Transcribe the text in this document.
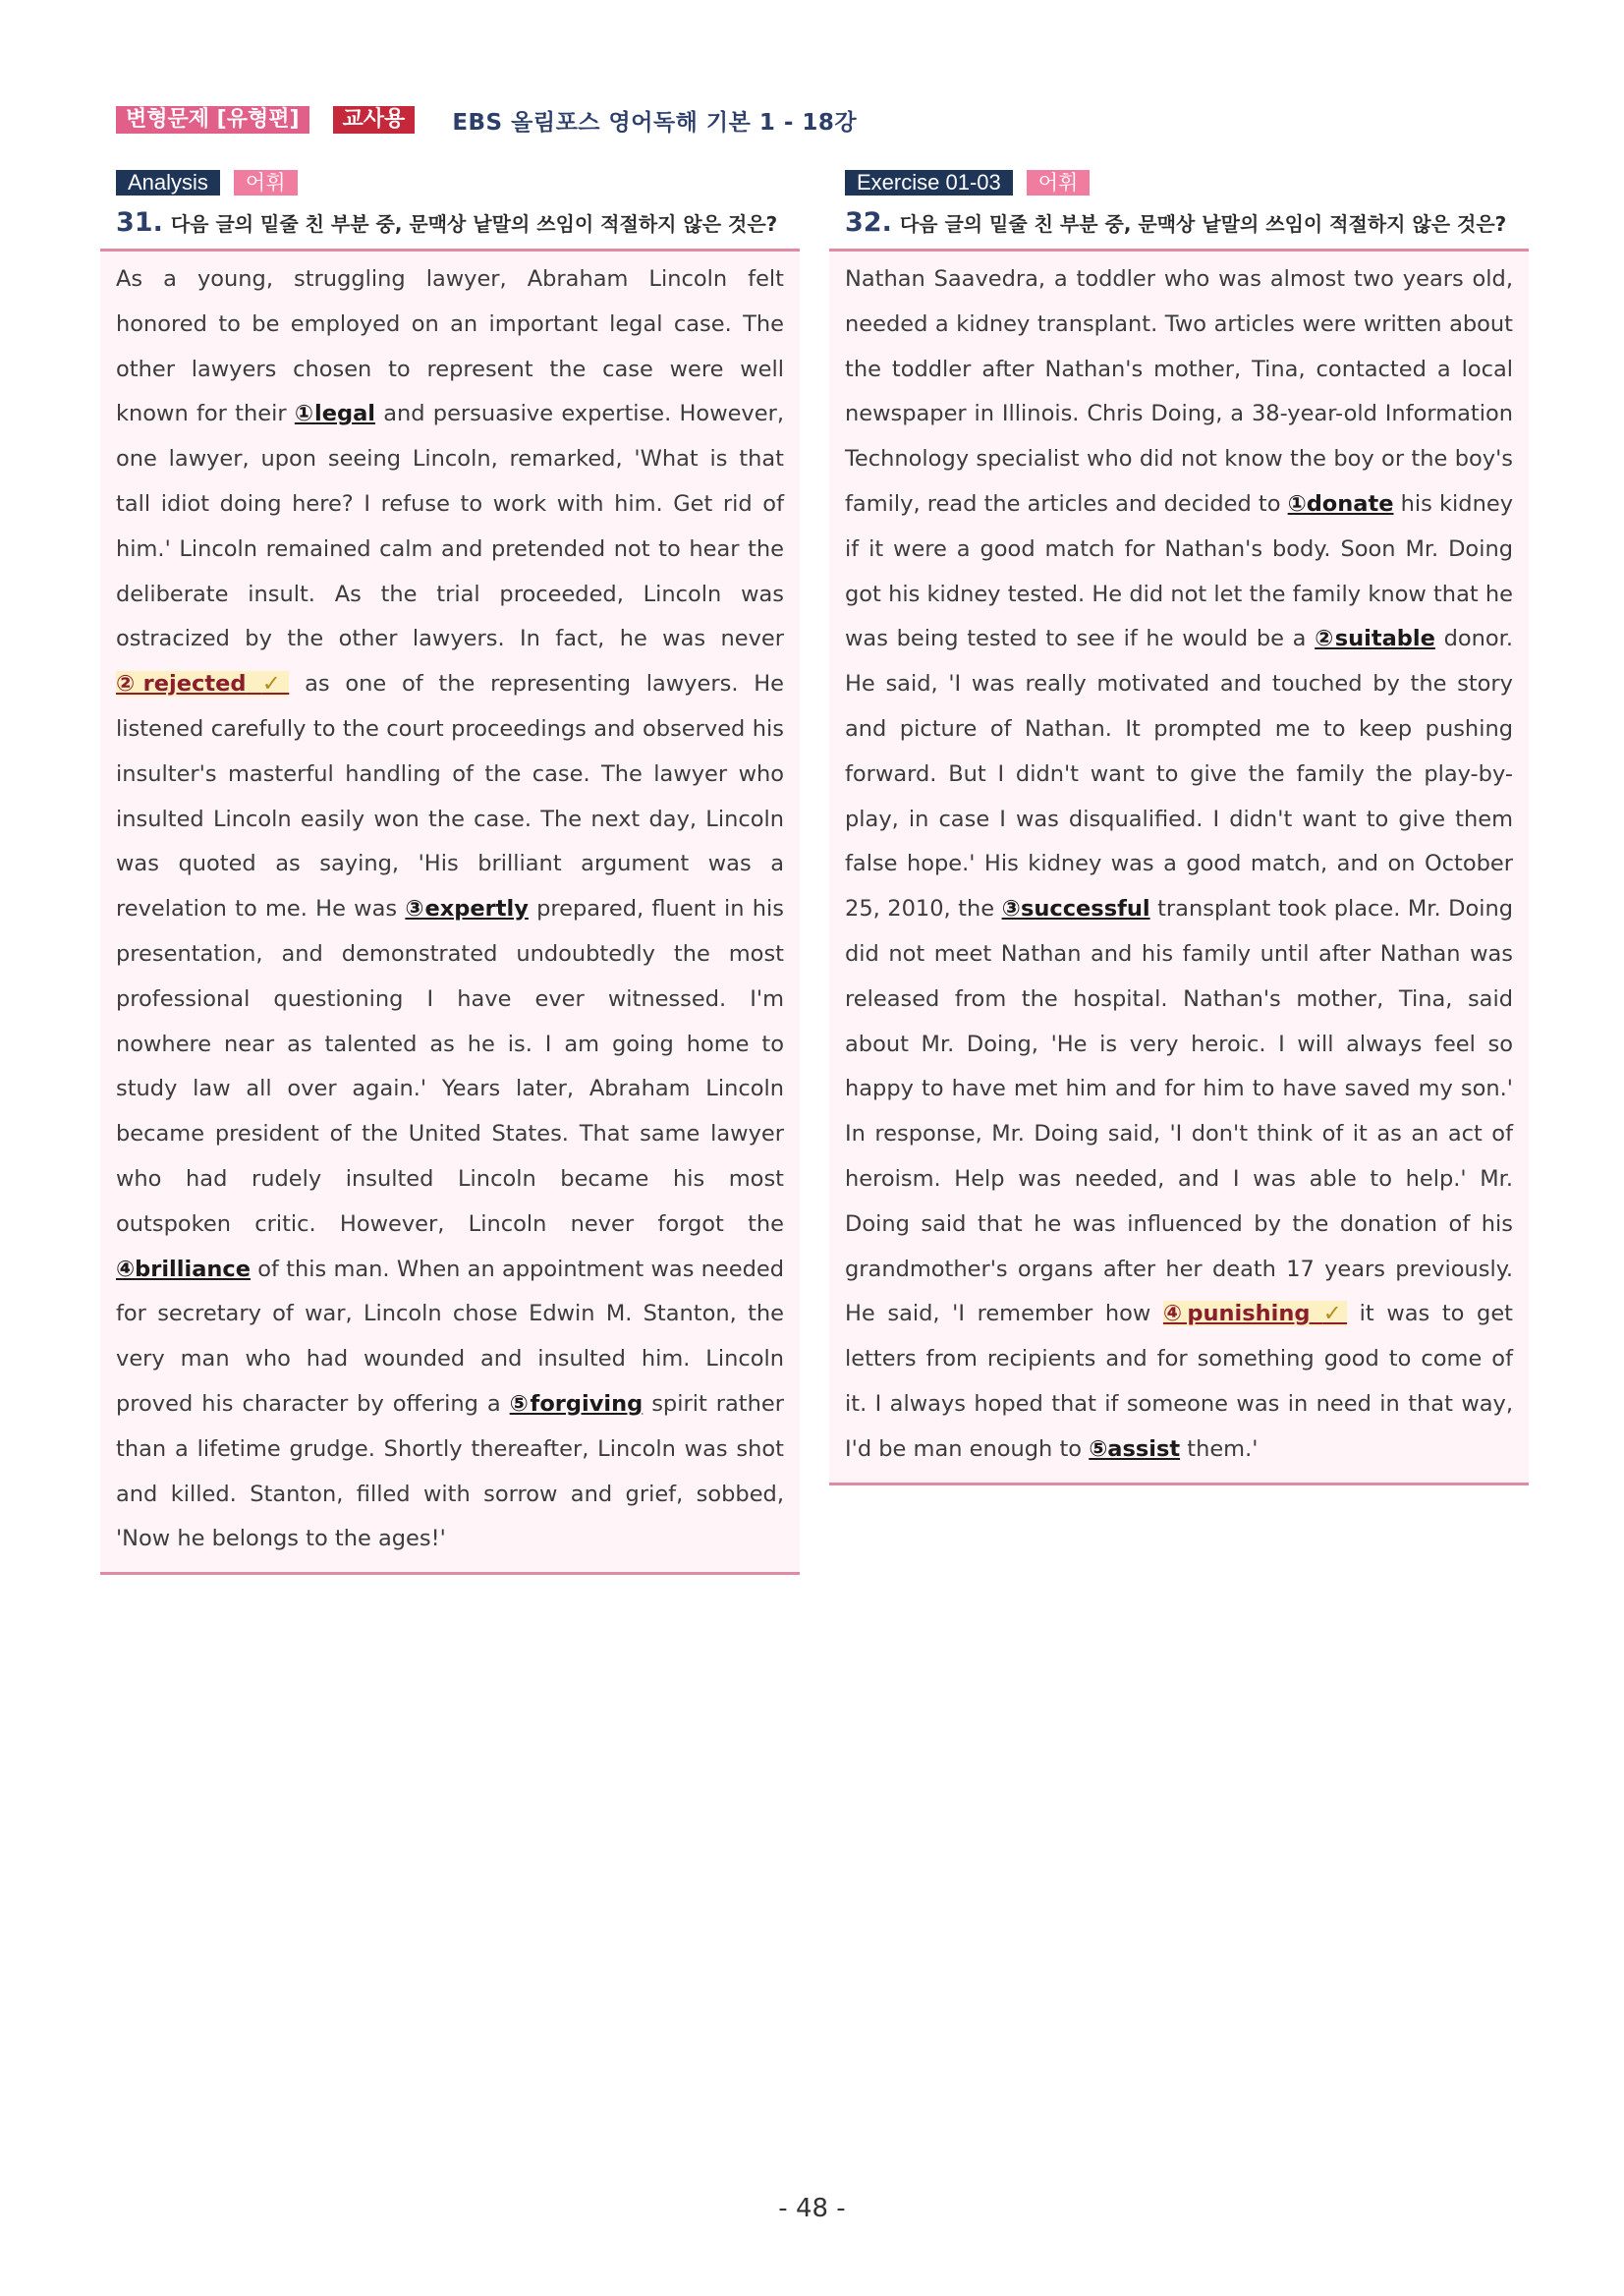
변형문제 [유형편]	교사용	EBS 올림포스 영어독해 기본 1 - 18강
Analysis	어휘
31. 다음 글의 밑줄 친 부분 중, 문맥상 낱말의 쓰임이 적절하지 않은 것은?

As a young, struggling lawyer, Abraham Lincoln felt honored to be employed on an important legal case. The other lawyers chosen to represent the case were well known for their ①legal and persuasive expertise. However, one lawyer, upon seeing Lincoln, remarked, 'What is that tall idiot doing here? I refuse to work with him. Get rid of him.' Lincoln remained calm and pretended not to hear the deliberate insult. As the trial proceeded, Lincoln was ostracized by the other lawyers. In fact, he was never ②rejected ✓ as one of the representing lawyers. He listened carefully to the court proceedings and observed his insulter's masterful handling of the case. The lawyer who insulted Lincoln easily won the case. The next day, Lincoln was quoted as saying, 'His brilliant argument was a revelation to me. He was ③expertly prepared, fluent in his presentation, and demonstrated undoubtedly the most professional questioning I have ever witnessed. I'm nowhere near as talented as he is. I am going home to study law all over again.' Years later, Abraham Lincoln became president of the United States. That same lawyer who had rudely insulted Lincoln became his most outspoken critic. However, Lincoln never forgot the ④brilliance of this man. When an appointment was needed for secretary of war, Lincoln chose Edwin M. Stanton, the very man who had wounded and insulted him. Lincoln proved his character by offering a ⑤forgiving spirit rather than a lifetime grudge. Shortly thereafter, Lincoln was shot and killed. Stanton, filled with sorrow and grief, sobbed, 'Now he belongs to the ages!'

Exercise 01-03	어휘
32. 다음 글의 밑줄 친 부분 중, 문맥상 낱말의 쓰임이 적절하지 않은 것은?

Nathan Saavedra, a toddler who was almost two years old, needed a kidney transplant. Two articles were written about the toddler after Nathan's mother, Tina, contacted a local newspaper in Illinois. Chris Doing, a 38-year-old Information Technology specialist who did not know the boy or the boy's family, read the articles and decided to ①donate his kidney if it were a good match for Nathan's body. Soon Mr. Doing got his kidney tested. He did not let the family know that he was being tested to see if he would be a ②suitable donor. He said, 'I was really motivated and touched by the story and picture of Nathan. It prompted me to keep pushing forward. But I didn't want to give the family the play-by-play, in case I was disqualified. I didn't want to give them false hope.' His kidney was a good match, and on October 25, 2010, the ③successful transplant took place. Mr. Doing did not meet Nathan and his family until after Nathan was released from the hospital. Nathan's mother, Tina, said about Mr. Doing, 'He is very heroic. I will always feel so happy to have met him and for him to have saved my son.' In response, Mr. Doing said, 'I don't think of it as an act of heroism. Help was needed, and I was able to help.' Mr. Doing said that he was influenced by the donation of his grandmother's organs after her death 17 years previously. He said, 'I remember how ④punishing ✓ it was to get letters from recipients and for something good to come of it. I always hoped that if someone was in need in that way, I'd be man enough to ⑤assist them.'

- 48 -
